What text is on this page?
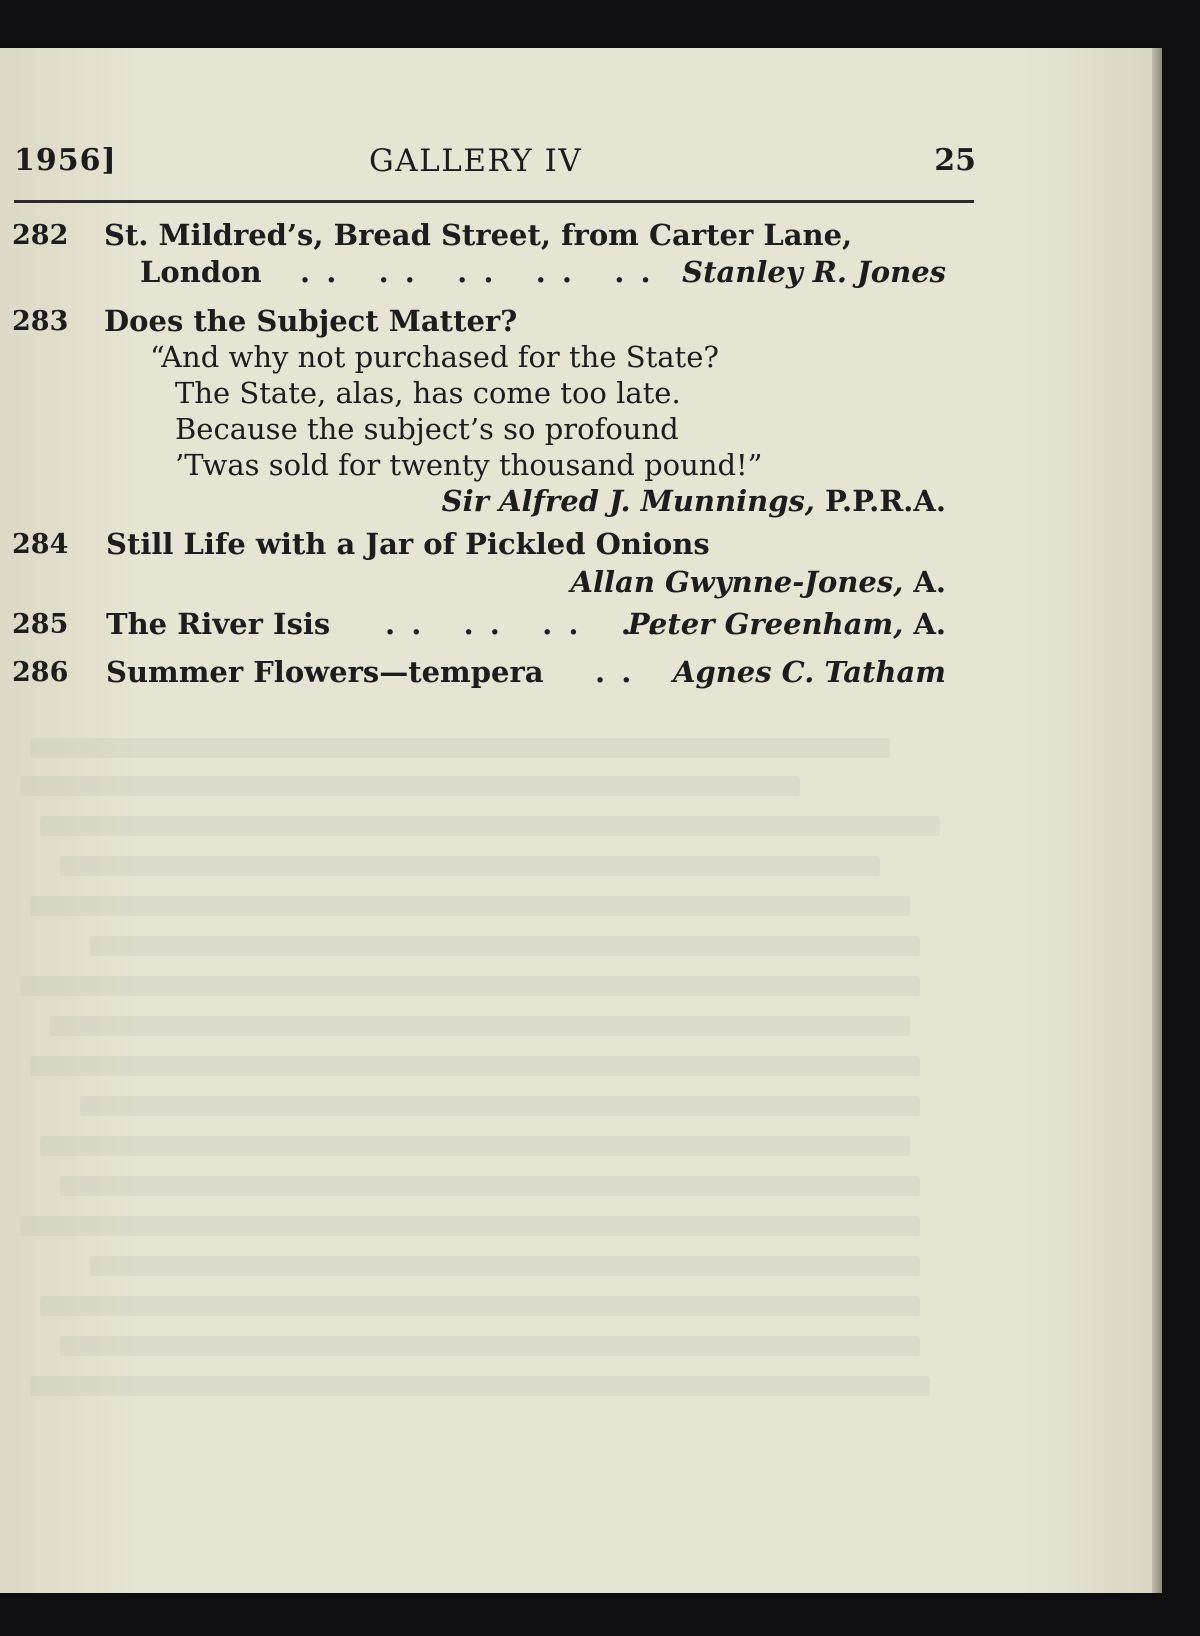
1956]	GALLERY IV	25
282 St. Mildred’s, Bread Street, from Carter Lane,
London . .   . .   . .   . .   . . Stanley R. Jones
283 Does the Subject Matter?
“And why not purchased for the State?
The State, alas, has come too late.
Because the subject’s so profound
’Twas sold for twenty thousand pound!”
Sir Alfred J. Munnings, P.P.R.A.
284 Still Life with a Jar of Pickled Onions
Allan Gwynne-Jones, A.
285 The River Isis . .   . .   . .   . .
Peter Greenham, A.
286 Summer Flowers—tempera . . Agnes C. Tatham
